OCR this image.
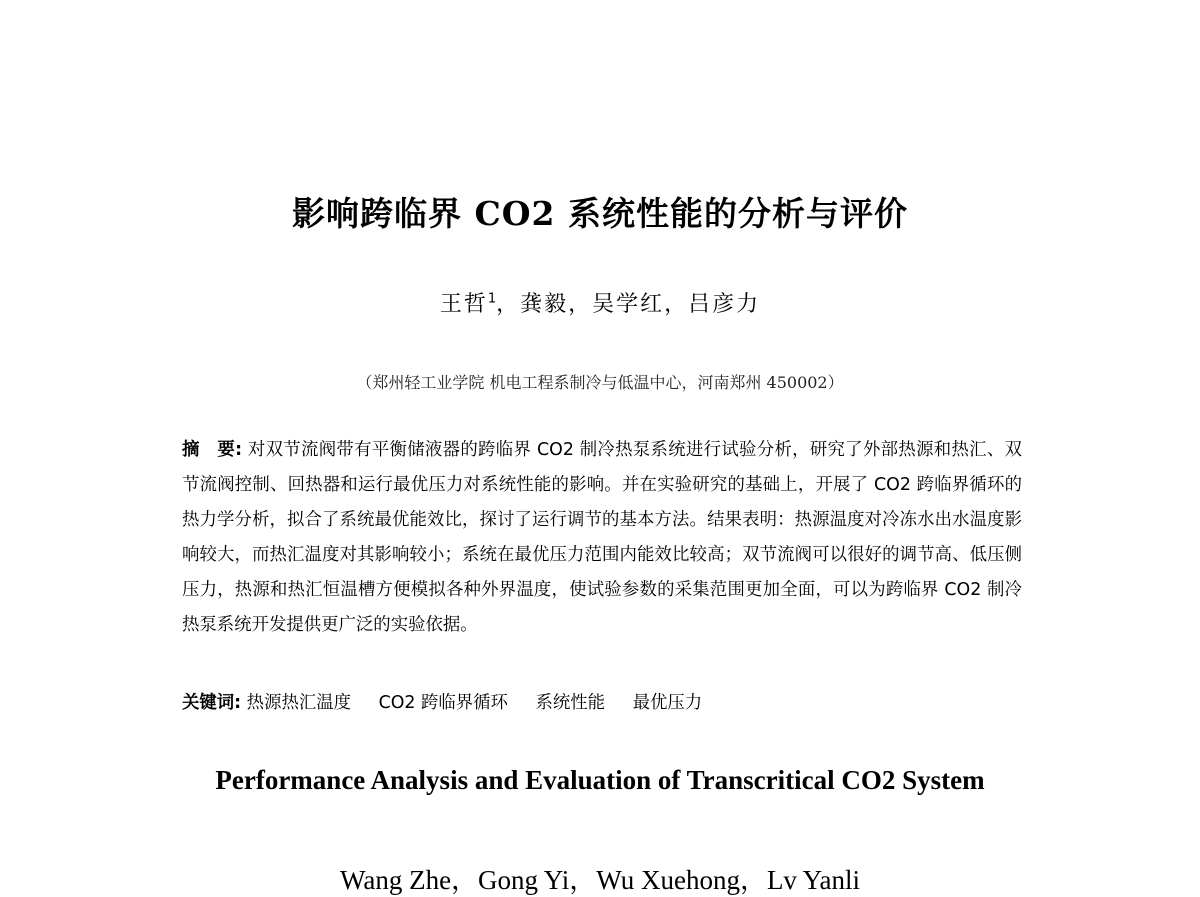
影响跨临界 CO2 系统性能的分析与评价
王哲$^1$，龚毅，吴学红，吕彦力
（郑州轻工业学院 机电工程系制冷与低温中心，河南郑州 450002）
摘　要: 对双节流阀带有平衡储液器的跨临界 CO2 制冷热泵系统进行试验分析，研究了外部热源和热汇、双节流阀控制、回热器和运行最优压力对系统性能的影响。并在实验研究的基础上，开展了 CO2 跨临界循环的热力学分析，拟合了系统最优能效比，探讨了运行调节的基本方法。结果表明：热源温度对冷冻水出水温度影响较大，而热汇温度对其影响较小；系统在最优压力范围内能效比较高；双节流阀可以很好的调节高、低压侧压力，热源和热汇恒温槽方便模拟各种外界温度，使试验参数的采集范围更加全面，可以为跨临界 CO2 制冷热泵系统开发提供更广泛的实验依据。
关键词: 热源热汇温度 CO2 跨临界循环 系统性能 最优压力
Performance Analysis and Evaluation of Transcritical CO2 System
Wang Zhe，Gong Yi，Wu Xuehong，Lv Yanli
